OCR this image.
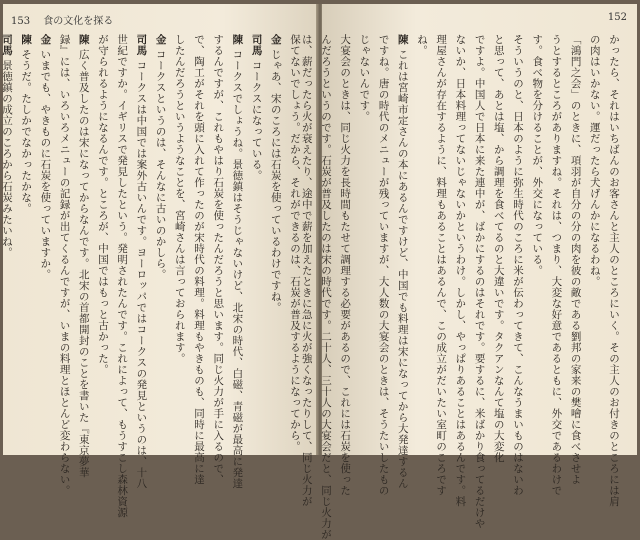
153 食の文化を探る
保てないでしょう。だから、それができるのは、石炭が普及するようになってから。
金じゃあ、宋のころには石炭を使っているわけですね。
司馬コークスになっている。
陳コークスでしょうね。景徳鎮はそうじゃないけど、北宋の時代、白磁、青磁が最高に発達
するんですが、これもやはり石炭を使ったんだろうと思います。同じ火力が手に入るので、
で、陶工がそれを頭に入れて作ったのが宋時代の料理。料理もやきものも、同時に最高に達
したんだろうというようなことを、宮崎さんは言っておられます。
金コークスというのは、そんなに古いのかしら。
司馬コークスは中国では案外古いんです。ヨーロッパではコークスの発見というのは、十八
世紀ですか。イギリスで発見したという。発明されたんです。これによって、もうすこし森林資源
が守られるようになるんです。ところが、中国ではもっと古かった。
陳広く普及したのは宋になってからなんです。北宋の首都開封のことを書いた『東京夢華
録』には、いろいろメニューの記録が出てくるんですが、いまの料理とほとんど変わらない。
金いまでも、やきものに石炭を使っていますか。
陳そうだ。たしかでなかったかな。
司馬景徳鎮の成立のころから石炭みたいね。
152
かったら、それはいちばんのお客さんと主人のところにいく。その主人のお付きのところには肩
の肉はいかない。運だったら犬げんかになるわね。
「鴻門之会」のときに、項羽が自分の分の肉を彼の敵である劉邦の家来の樊噲に食べさせよ
うとするところがありますね。それは、つまり、大変な好意であるともに、外交であるわけで
す。食べ物を分けることが、外交になっている。
そういうのと、日本のように弥生時代のころに米が伝わってきて、こんなうまいものはないわ
と思って、あとは塩、から調理を食べてるのと大違いです。タクアンなんて塩の大変化
ですよ。中国人で日本に来た連中が、ばかにするのはそれです。要するに、米ばかり食ってるだけや
ないか、日本料理ってないじゃないかというわけ。しかし、やっぱりあることはあるんです。料
理屋さんが存在するように、料理もあることはあるんで、この成立がだいたい室町のころです
ね。
陳これは宮崎市定さんの本にあるんですけど、中国でも料理は宋になってから大発達するん
ですね。唐の時代のメニューが残っていますが、大人数の大宴会のときは、そうたいしたもの
じゃないんです。
大宴会のときは、同じ火力を長時間もたせて調理する必要があるので、これには石炭を使った
んだろうというのです。石炭が普及したのは宋の時代です。二十人、三十人の大宴会だと、同じ火力が
は、薪だったら火が衰えたり、途中で薪を加えたときに急に火が強くなったりして、同じ火力が
